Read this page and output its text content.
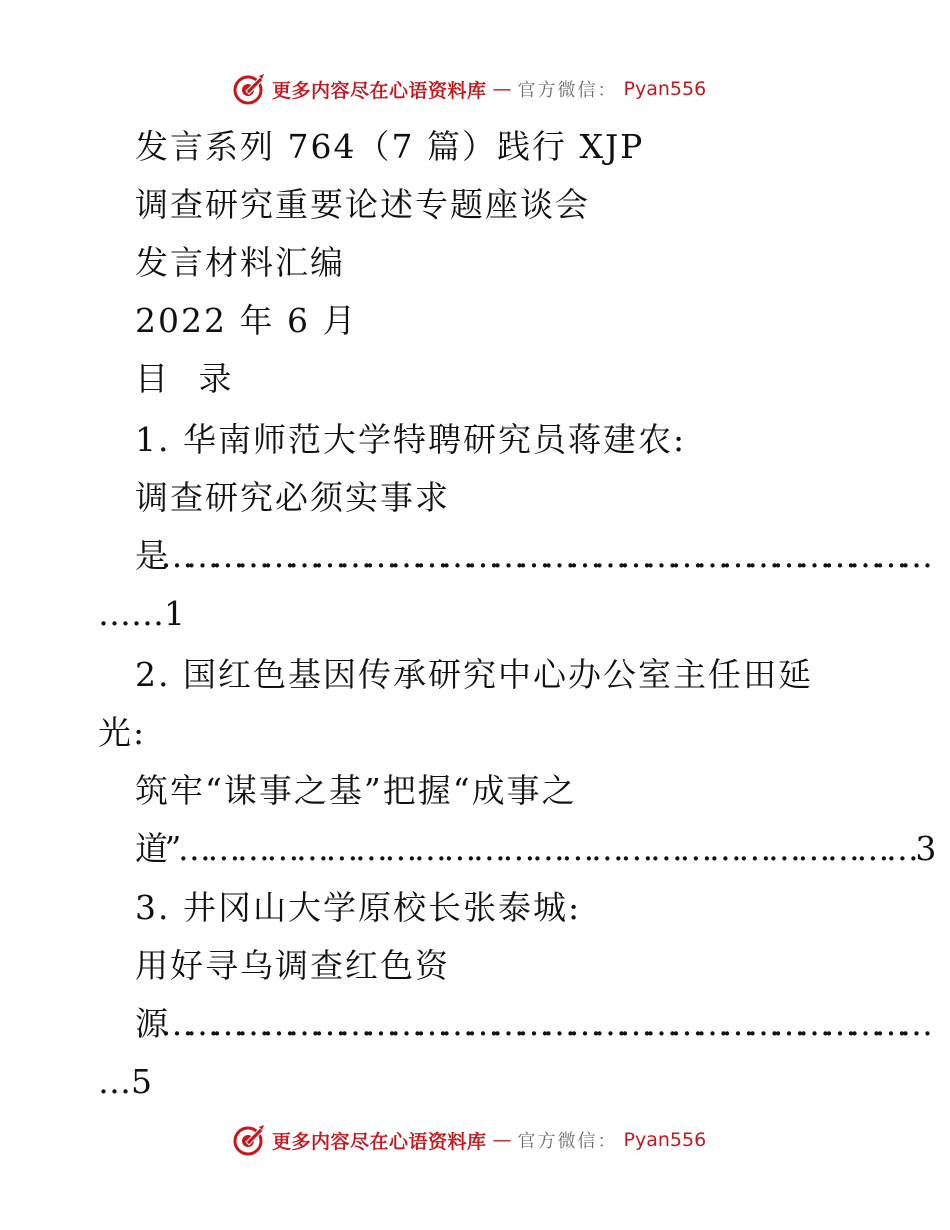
更多内容尽在心语资料库 — 官方微信： Pyan556
发言系列 764（7 篇）践行 XJP
调查研究重要论述专题座谈会
发言材料汇编
2022 年 6 月
目 录
1. 华南师范大学特聘研究员蒋建农:
调查研究必须实事求
是………………………………………………………………………………
……1
2. 国红色基因传承研究中心办公室主任田延
光:
筑牢“谋事之基”把握“成事之
道”…………………………………………………………………3
3. 井冈山大学原校长张泰城:
用好寻乌调查红色资
源………………………………………………………………………………
…5
更多内容尽在心语资料库 — 官方微信： Pyan556
